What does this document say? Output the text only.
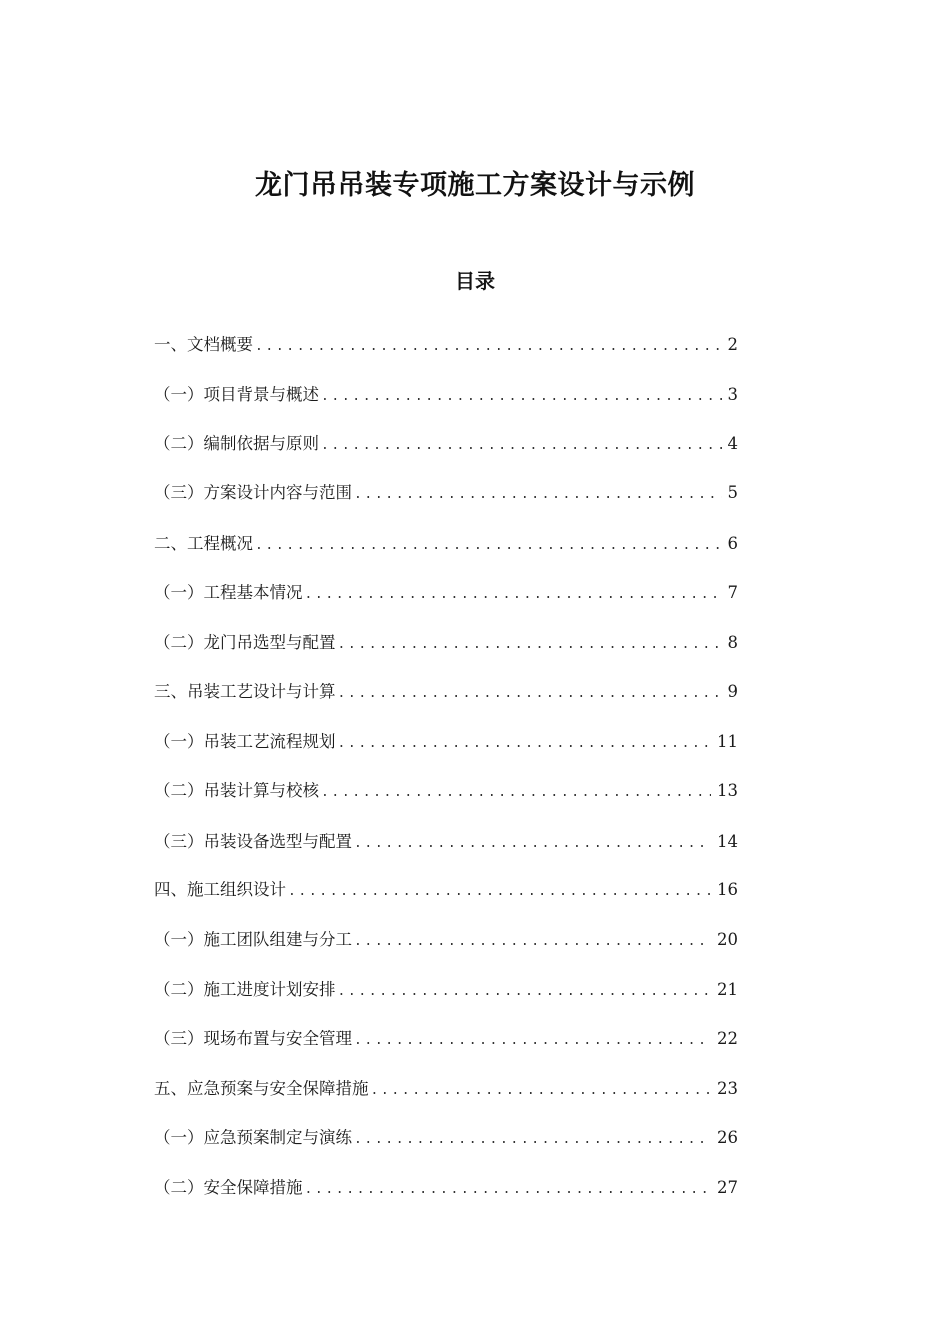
龙门吊吊装专项施工方案设计与示例
目录
一、文档概要 .....	2
（一）项目背景与概述 .....	3
（二）编制依据与原则 .....	4
（三）方案设计内容与范围 .....	5
二、工程概况 .....	6
（一）工程基本情况 .....	7
（二）龙门吊选型与配置 .....	8
三、吊装工艺设计与计算 .....	9
（一）吊装工艺流程规划 .....	11
（二）吊装计算与校核 .....	13
（三）吊装设备选型与配置 .....	14
四、施工组织设计 .....	16
（一）施工团队组建与分工 .....	20
（二）施工进度计划安排 .....	21
（三）现场布置与安全管理 .....	22
五、应急预案与安全保障措施 .....	23
（一）应急预案制定与演练 .....	26
（二）安全保障措施 .....	27
